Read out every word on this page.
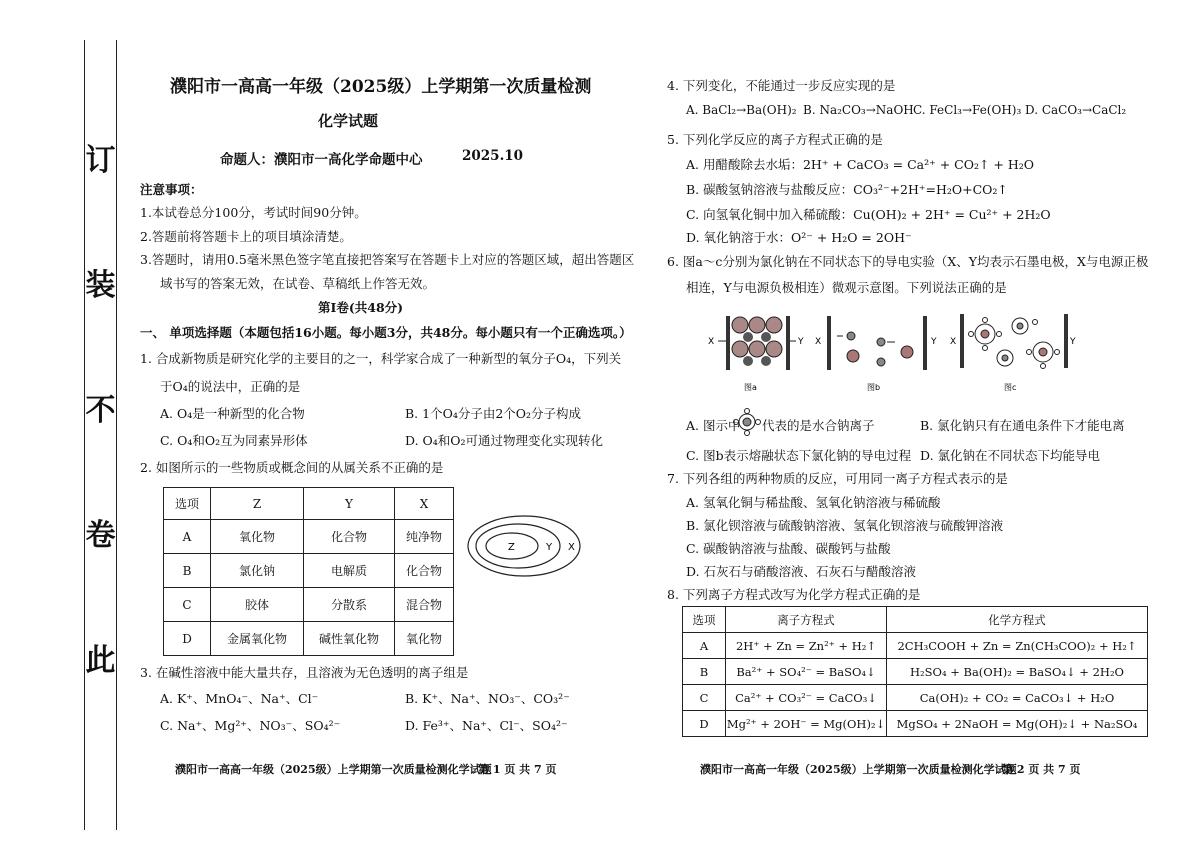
此
卷
不
装
订
濮阳市一高高一年级（2025级）上学期第一次质量检测
化学试题
命题人：濮阳市一高化学命题中心	2025.10
注意事项：
1.本试卷总分100分，考试时间90分钟。
2.答题前将答题卡上的项目填涂清楚。
3.答题时，请用0.5毫米黑色签字笔直接把答案写在答题卡上对应的答题区域，超出答题区
域书写的答案无效，在试卷、草稿纸上作答无效。
第Ⅰ卷(共48分)
一、 单项选择题（本题包括16小题。每小题3分，共48分。每小题只有一个正确选项。）
1. 合成新物质是研究化学的主要目的之一，科学家合成了一种新型的氧分子O₄，下列关
于O₄的说法中，正确的是
A. O₄是一种新型的化合物	B. 1个O₄分子由2个O₂分子构成
C. O₄和O₂互为同素异形体	D. O₄和O₂可通过物理变化实现转化
2. 如图所示的一些物质或概念间的从属关系不正确的是
选项	Z	Y	X
A	氧化物	化合物	纯净物
B	氯化钠	电解质	化合物
C	胶体	分散系	混合物
D	金属氧化物	碱性氧化物	氧化物
Z	Y X
3. 在碱性溶液中能大量共存，且溶液为无色透明的离子组是
A. K⁺、MnO₄⁻、Na⁺、Cl⁻	B. K⁺、Na⁺、NO₃⁻、CO₃²⁻
C. Na⁺、Mg²⁺、NO₃⁻、SO₄²⁻	D. Fe³⁺、Na⁺、Cl⁻、SO₄²⁻
濮阳市一高高一年级（2025级）上学期第一次质量检测化学试题
第 1 页 共 7 页
4. 下列变化，不能通过一步反应实现的是
A. BaCl₂→Ba(OH)₂ B. Na₂CO₃→NaOH C. FeCl₃→Fe(OH)₃ D. CaCO₃→CaCl₂
5. 下列化学反应的离子方程式正确的是
A. 用醋酸除去水垢：2H⁺ + CaCO₃ = Ca²⁺ + CO₂↑ + H₂O
B. 碳酸氢钠溶液与盐酸反应：CO₃²⁻+2H⁺=H₂O+CO₂↑
C. 向氢氧化铜中加入稀硫酸：Cu(OH)₂ + 2H⁺ = Cu²⁺ + 2H₂O
D. 氧化钠溶于水：O²⁻ + H₂O = 2OH⁻
6. 图a～c分别为氯化钠在不同状态下的导电实验（X、Y均表示石墨电极，X与电源正极
相连，Y与电源负极相连）微观示意图。下列说法正确的是
X	Y
图a
X	Y
图b
X	Y
图c
A. 图示中 代表的是水合钠离子	B. 氯化钠只有在通电条件下才能电离
C. 图b表示熔融状态下氯化钠的导电过程 D. 氯化钠在不同状态下均能导电
7. 下列各组的两种物质的反应，可用同一离子方程式表示的是
A. 氢氧化铜与稀盐酸、氢氧化钠溶液与稀硫酸
B. 氯化钡溶液与硫酸钠溶液、氢氧化钡溶液与硫酸钾溶液
C. 碳酸钠溶液与盐酸、碳酸钙与盐酸
D. 石灰石与硝酸溶液、石灰石与醋酸溶液
8. 下列离子方程式改写为化学方程式正确的是
选项	离子方程式	化学方程式
A	2H⁺ + Zn = Zn²⁺ + H₂↑	2CH₃COOH + Zn = Zn(CH₃COO)₂ + H₂↑
B	Ba²⁺ + SO₄²⁻ = BaSO₄↓	H₂SO₄ + Ba(OH)₂ = BaSO₄↓ + 2H₂O
C	Ca²⁺ + CO₃²⁻ = CaCO₃↓	Ca(OH)₂ + CO₂ = CaCO₃↓ + H₂O
D	Mg²⁺ + 2OH⁻ = Mg(OH)₂↓	MgSO₄ + 2NaOH = Mg(OH)₂↓ + Na₂SO₄
濮阳市一高高一年级（2025级）上学期第一次质量检测化学试题
第 2 页 共 7 页
